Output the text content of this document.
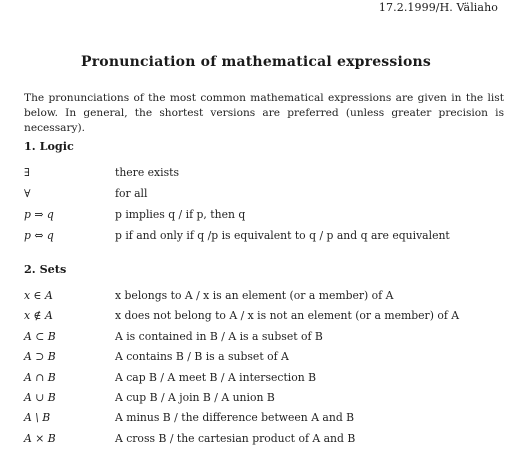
17.2.1999/H. Väliaho
Pronunciation of mathematical expressions
The pronunciations of the most common mathematical expressions are given in the list below. In general, the shortest versions are preferred (unless greater precision is necessary).
1. Logic
∃	there exists
∀	for all
p ⇒ q	p implies q / if p, then q
p ⇔ q	p if and only if q /p is equivalent to q / p and q are equivalent
2. Sets
x ∈ A	x belongs to A / x is an element (or a member) of A
x ∉ A	x does not belong to A / x is not an element (or a member) of A
A ⊂ B	A is contained in B / A is a subset of B
A ⊃ B	A contains B / B is a subset of A
A ∩ B	A cap B / A meet B / A intersection B
A ∪ B	A cup B / A join B / A union B
A \ B	A minus B / the difference between A and B
A × B	A cross B / the cartesian product of A and B
